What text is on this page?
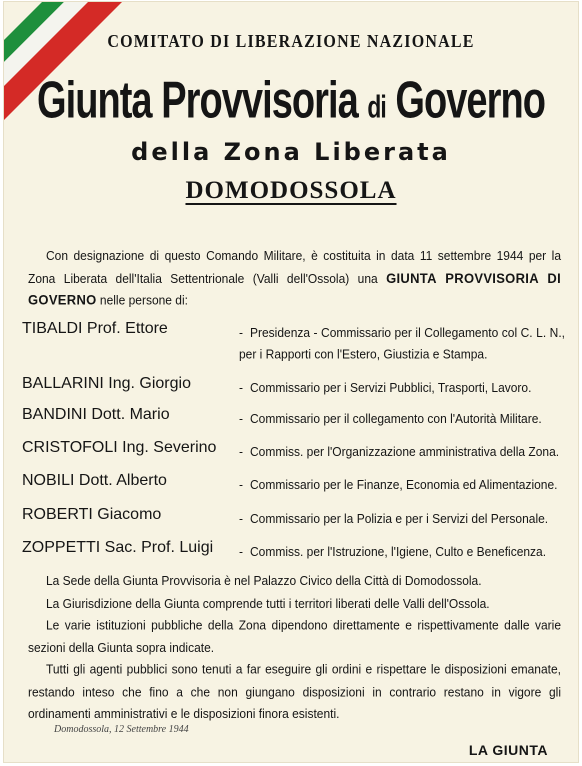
COMITATO DI LIBERAZIONE NAZIONALE
Giunta Provvisoria di Governo
della Zona Liberata
DOMODOSSOLA
Con designazione di questo Comando Militare, è costituita in data 11 settembre 1944 per la Zona Liberata dell'Italia Settentrionale (Valli dell'Ossola) una GIUNTA PROVVISORIA DI GOVERNO nelle persone di:
TIBALDI Prof. Ettore	- Presidenza - Commissario per il Collegamento col C. L. N., per i Rapporti con l'Estero, Giustizia e Stampa.
BALLARINI Ing. Giorgio	- Commissario per i Servizi Pubblici, Trasporti, Lavoro.
BANDINI Dott. Mario	- Commissario per il collegamento con l'Autorità Militare.
CRISTOFOLI Ing. Severino	- Commiss. per l'Organizzazione amministrativa della Zona.
NOBILI Dott. Alberto	- Commissario per le Finanze, Economia ed Alimentazione.
ROBERTI Giacomo	- Commissario per la Polizia e per i Servizi del Personale.
ZOPPETTI Sac. Prof. Luigi	- Commiss. per l'Istruzione, l'Igiene, Culto e Beneficenza.

La Sede della Giunta Provvisoria è nel Palazzo Civico della Città di Domodossola.

La Giurisdizione della Giunta comprende tutti i territori liberati delle Valli dell'Ossola.

Le varie istituzioni pubbliche della Zona dipendono direttamente e rispettivamente dalle varie sezioni della Giunta sopra indicate.

Tutti gli agenti pubblici sono tenuti a far eseguire gli ordini e rispettare le disposizioni emanate, restando inteso che fino a che non giungano disposizioni in contrario restano in vigore gli ordinamenti amministrativi e le disposizioni finora esistenti.

Domodossola, 12 Settembre 1944
LA GIUNTA
